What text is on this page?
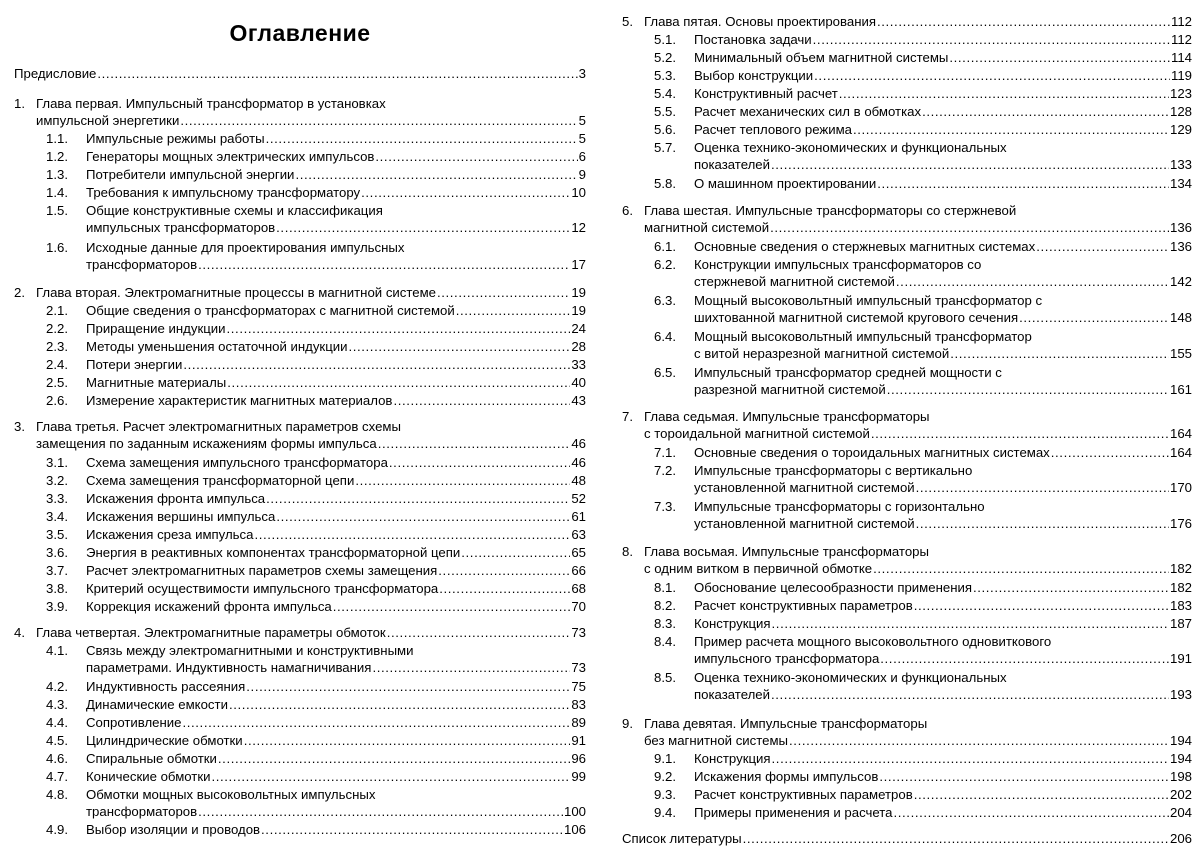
Оглавление
Предисловие .....	3
1. Глава первая. Импульсный трансформатор в установках
импульсной энергетики .....	5
1.1. Импульсные режимы работы .....	5
1.2. Генераторы мощных электрических импульсов .....	6
1.3. Потребители импульсной энергии .....	9
1.4. Требования к импульсному трансформатору .....	10
1.5. Общие конструктивные схемы и классификация
импульсных трансформаторов .....	12
1.6. Исходные данные для проектирования импульсных
трансформаторов .....	17
2. Глава вторая. Электромагнитные процессы в магнитной системе .....	19
2.1. Общие сведения о трансформаторах с магнитной системой .....	19
2.2. Приращение индукции .....	24
2.3. Методы уменьшения остаточной индукции .....	28
2.4. Потери энергии .....	33
2.5. Магнитные материалы .....	40
2.6. Измерение характеристик магнитных материалов .....	43
3. Глава третья. Расчет электромагнитных параметров схемы
замещения по заданным искажениям формы импульса .....	46
3.1. Схема замещения импульсного трансформатора .....	46
3.2. Схема замещения трансформаторной цепи .....	48
3.3. Искажения фронта импульса .....	52
3.4. Искажения вершины импульса .....	61
3.5. Искажения среза импульса .....	63
3.6. Энергия в реактивных компонентах трансформаторной цепи .....	65
3.7. Расчет электромагнитных параметров схемы замещения .....	66
3.8. Критерий осуществимости импульсного трансформатора .....	68
3.9. Коррекция искажений фронта импульса .....	70
4. Глава четвертая. Электромагнитные параметры обмоток .....	73
4.1. Связь между электромагнитными и конструктивными
параметрами. Индуктивность намагничивания .....	73
4.2. Индуктивность рассеяния .....	75
4.3. Динамические емкости .....	83
4.4. Сопротивление .....	89
4.5. Цилиндрические обмотки .....	91
4.6. Спиральные обмотки .....	96
4.7. Конические обмотки .....	99
4.8. Обмотки мощных высоковольтных импульсных
трансформаторов .....	100
4.9. Выбор изоляции и проводов .....	106
5. Глава пятая. Основы проектирования .....	112
5.1. Постановка задачи .....	112
5.2. Минимальный объем магнитной системы .....	114
5.3. Выбор конструкции .....	119
5.4. Конструктивный расчет .....	123
5.5. Расчет механических сил в обмотках .....	128
5.6. Расчет теплового режима .....	129
5.7. Оценка технико-экономических и функциональных
показателей .....	133
5.8. О машинном проектировании .....	134
6. Глава шестая. Импульсные трансформаторы со стержневой
магнитной системой .....	136
6.1. Основные сведения о стержневых магнитных системах .....	136
6.2. Конструкции импульсных трансформаторов со
стержневой магнитной системой .....	142
6.3. Мощный высоковольтный импульсный трансформатор с
шихтованной магнитной системой кругового сечения .....	148
6.4. Мощный высоковольтный импульсный трансформатор
с витой неразрезной магнитной системой .....	155
6.5. Импульсный трансформатор средней мощности с
разрезной магнитной системой .....	161
7. Глава седьмая. Импульсные трансформаторы
с тороидальной магнитной системой .....	164
7.1. Основные сведения о тороидальных магнитных системах .....	164
7.2. Импульсные трансформаторы с вертикально
установленной магнитной системой .....	170
7.3. Импульсные трансформаторы с горизонтально
установленной магнитной системой .....	176
8. Глава восьмая. Импульсные трансформаторы
с одним витком в первичной обмотке .....	182
8.1. Обоснование целесообразности применения .....	182
8.2. Расчет конструктивных параметров .....	183
8.3. Конструкция .....	187
8.4. Пример расчета мощного высоковольтного одновиткового
импульсного трансформатора .....	191
8.5. Оценка технико-экономических и функциональных
показателей .....	193
9. Глава девятая. Импульсные трансформаторы
без магнитной системы .....	194
9.1. Конструкция .....	194
9.2. Искажения формы импульсов .....	198
9.3. Расчет конструктивных параметров .....	202
9.4. Примеры применения и расчета .....	204
Список литературы .....	206
